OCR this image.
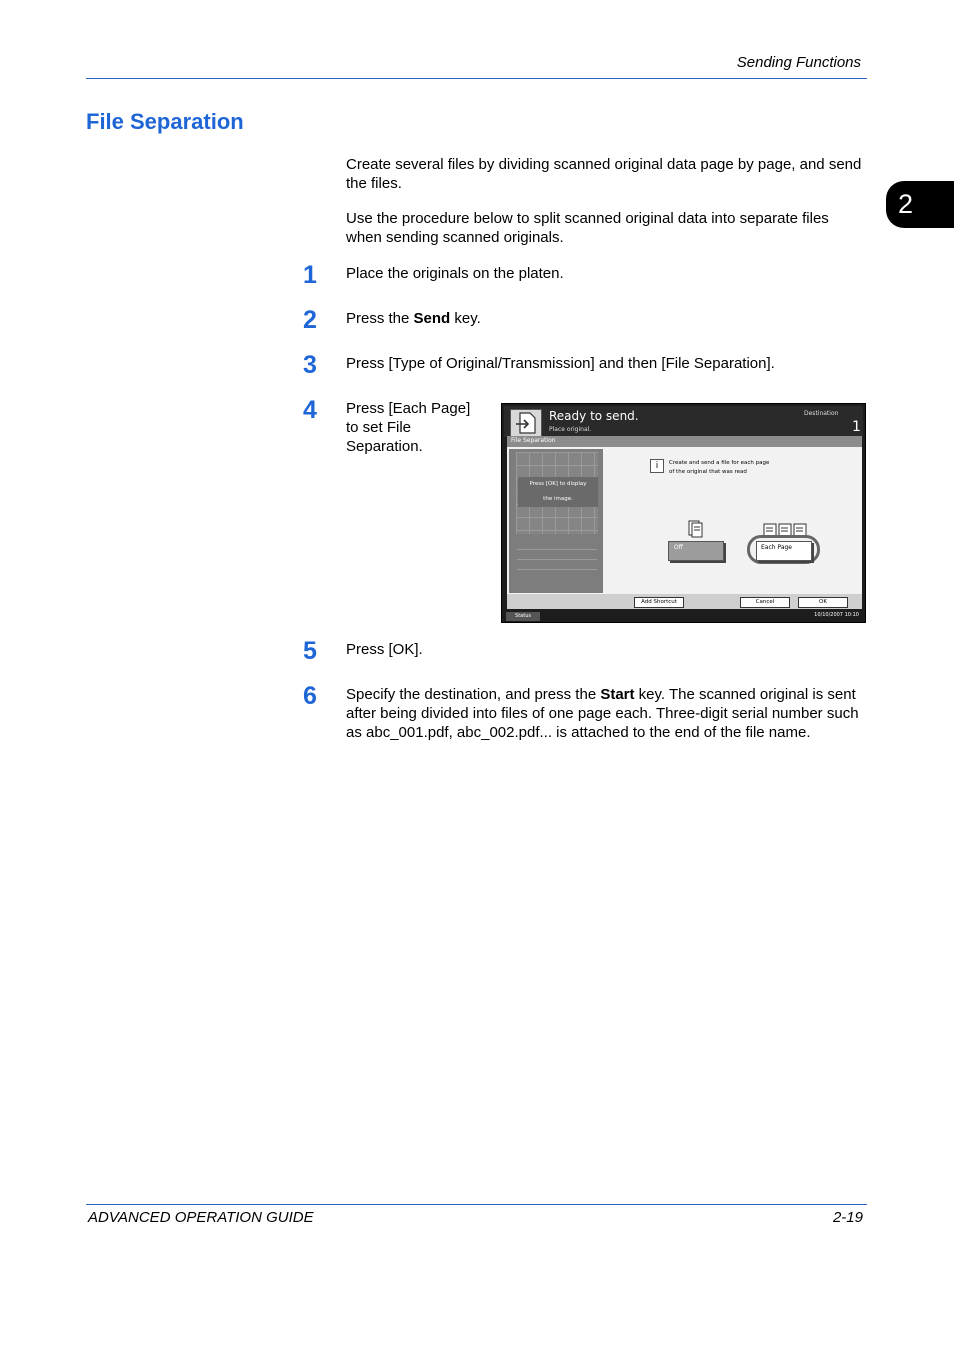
Sending Functions
2
File Separation
Create several files by dividing scanned original data page by page, and send the files.
Use the procedure below to split scanned original data into separate files when sending scanned originals.
1 Place the originals on the platen.
2 Press the Send key.
3 Press [Type of Original/Transmission] and then [File Separation].
4 Press [Each Page] to set File Separation.
Ready to send.
Place original.
Destination
1
File Separation
Press [OK] to display
the image.
i	Create and send a file for each page
of the original that was read
Off	Each Page
Add Shortcut	Cancel	OK
Status	10/10/2007 10:10
5 Press [OK].
6 Specify the destination, and press the Start key. The scanned original is sent after being divided into files of one page each. Three-digit serial number such as abc_001.pdf, abc_002.pdf... is attached to the end of the file name.
ADVANCED OPERATION GUIDE	2-19
